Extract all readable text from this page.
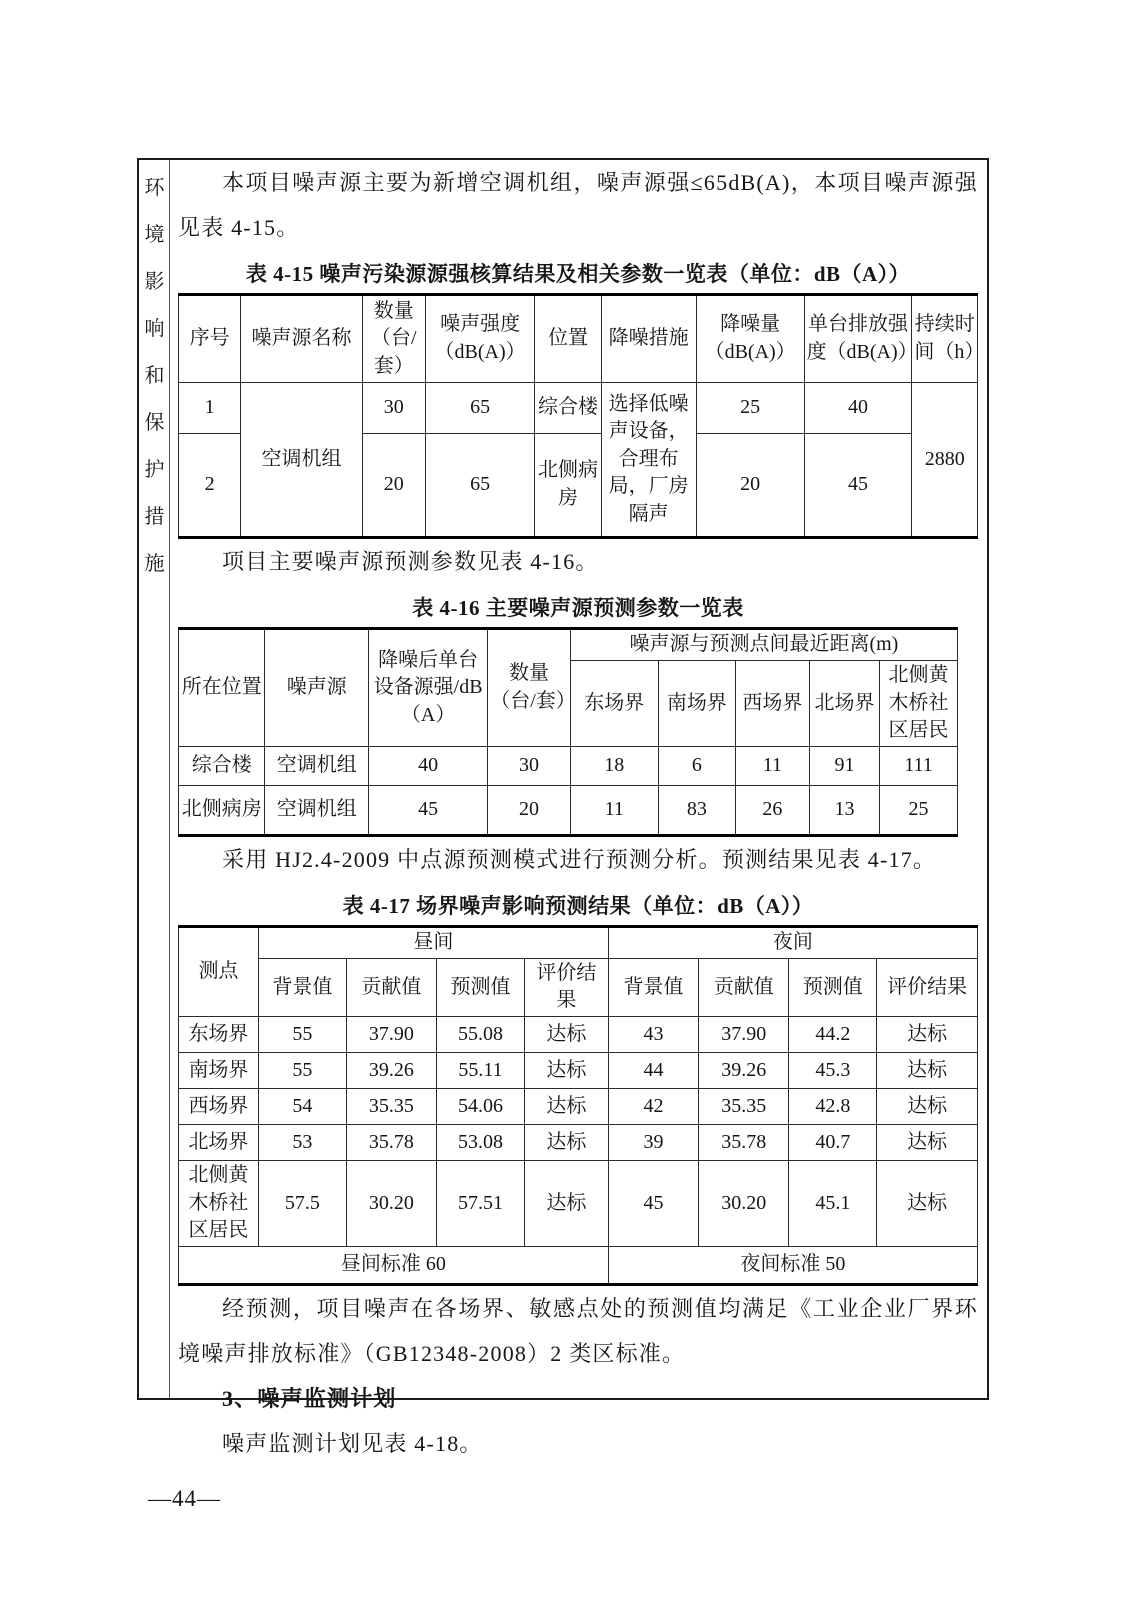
环境影响和保护措施

本项目噪声源主要为新增空调机组，噪声源强≤65dB(A)，本项目噪声源强见表 4-15。

表 4-15 噪声污染源源强核算结果及相关参数一览表（单位：dB（A））
序号	噪声源名称	数量（台/套）	噪声强度（dB(A)）	位置	降噪措施	降噪量（dB(A)）	单台排放强度（dB(A)）	持续时间（h）
1	空调机组	30	65	综合楼	选择低噪声设备，合理布局，厂房隔声	25	40	2880
2		20	65	北侧病房		20	45	

项目主要噪声源预测参数见表 4-16。

表 4-16 主要噪声源预测参数一览表
所在位置	噪声源	降噪后单台设备源强/dB（A）	数量（台/套）	噪声源与预测点间最近距离(m)				
				东场界	南场界	西场界	北场界	北侧黄木桥社区居民
综合楼	空调机组	40	30	18	6	11	91	111
北侧病房	空调机组	45	20	11	83	26	13	25

采用 HJ2.4-2009 中点源预测模式进行预测分析。预测结果见表 4-17。

表 4-17 场界噪声影响预测结果（单位：dB（A））
测点	昼间				夜间			
	背景值	贡献值	预测值	评价结果	背景值	贡献值	预测值	评价结果
东场界	55	37.90	55.08	达标	43	37.90	44.2	达标
南场界	55	39.26	55.11	达标	44	39.26	45.3	达标
西场界	54	35.35	54.06	达标	42	35.35	42.8	达标
北场界	53	35.78	53.08	达标	39	35.78	40.7	达标
北侧黄木桥社区居民	57.5	30.20	57.51	达标	45	30.20	45.1	达标
昼间标准 60					夜间标准 50			

经预测，项目噪声在各场界、敏感点处的预测值均满足《工业企业厂界环境噪声排放标准》（GB12348-2008）2 类区标准。

3、噪声监测计划

噪声监测计划见表 4-18。

—44—
